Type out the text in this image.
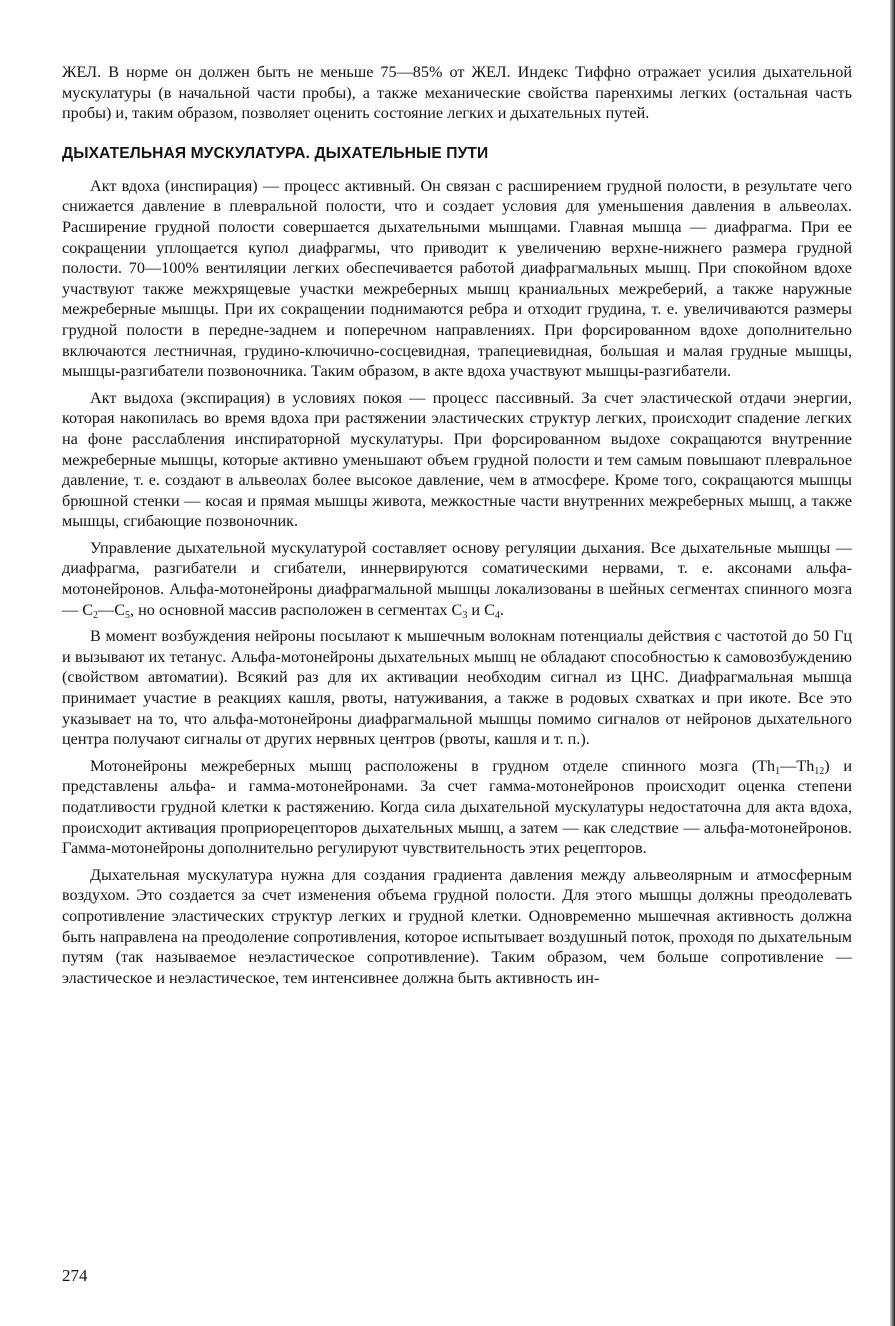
ЖЕЛ. В норме он должен быть не меньше 75—85% от ЖЕЛ. Индекс Тиффно отражает усилия дыхательной мускулатуры (в начальной части пробы), а также механические свойства паренхимы легких (остальная часть пробы) и, таким образом, позволяет оценить состояние легких и дыхательных путей.

ДЫХАТЕЛЬНАЯ МУСКУЛАТУРА. ДЫХАТЕЛЬНЫЕ ПУТИ

Акт вдоха (инспирация) — процесс активный. Он связан с расширением грудной полости, в результате чего снижается давление в плевральной полости, что и создает условия для уменьшения давления в альвеолах. Расширение грудной полости совершается дыхательными мышцами. Главная мышца — диафрагма. При ее сокращении уплощается купол диафрагмы, что приводит к увеличению верхне-нижнего размера грудной полости. 70—100% вентиляции легких обеспечивается работой диафрагмальных мышц. При спокойном вдохе участвуют также межхрящевые участки межреберных мышц краниальных межреберий, а также наружные межреберные мышцы. При их сокращении поднимаются ребра и отходит грудина, т. е. увеличиваются размеры грудной полости в передне-заднем и поперечном направлениях. При форсированном вдохе дополнительно включаются лестничная, грудино-ключично-сосцевидная, трапециевидная, большая и малая грудные мышцы, мышцы-разгибатели позвоночника. Таким образом, в акте вдоха участвуют мышцы-разгибатели.

Акт выдоха (экспирация) в условиях покоя — процесс пассивный. За счет эластической отдачи энергии, которая накопилась во время вдоха при растяжении эластических структур легких, происходит спадение легких на фоне расслабления инспираторной мускулатуры. При форсированном выдохе сокращаются внутренние межреберные мышцы, которые активно уменьшают объем грудной полости и тем самым повышают плевральное давление, т. е. создают в альвеолах более высокое давление, чем в атмосфере. Кроме того, сокращаются мышцы брюшной стенки — косая и прямая мышцы живота, межкостные части внутренних межреберных мышц, а также мышцы, сгибающие позвоночник.

Управление дыхательной мускулатурой составляет основу регуляции дыхания. Все дыхательные мышцы — диафрагма, разгибатели и сгибатели, иннервируются соматическими нервами, т. е. аксонами альфа-мотонейронов. Альфа-мотонейроны диафрагмальной мышцы локализованы в шейных сегментах спинного мозга — $C_2—C_5$, но основной массив расположен в сегментах $C_3$ и $C_4$.

В момент возбуждения нейроны посылают к мышечным волокнам потенциалы действия с частотой до 50 Гц и вызывают их тетанус. Альфа-мотонейроны дыхательных мышц не обладают способностью к самовозбуждению (свойством автоматии). Всякий раз для их активации необходим сигнал из ЦНС. Диафрагмальная мышца принимает участие в реакциях кашля, рвоты, натуживания, а также в родовых схватках и при икоте. Все это указывает на то, что альфа-мотонейроны диафрагмальной мышцы помимо сигналов от нейронов дыхательного центра получают сигналы от других нервных центров (рвоты, кашля и т. п.).

Мотонейроны межреберных мышц расположены в грудном отделе спинного мозга $(Th_1—Th_{12})$ и представлены альфа- и гамма-мотонейронами. За счет гамма-мотонейронов происходит оценка степени податливости грудной клетки к растяжению. Когда сила дыхательной мускулатуры недостаточна для акта вдоха, происходит активация проприорецепторов дыхательных мышц, а затем — как следствие — альфа-мотонейронов. Гамма-мотонейроны дополнительно регулируют чувствительность этих рецепторов.

Дыхательная мускулатура нужна для создания градиента давления между альвеолярным и атмосферным воздухом. Это создается за счет изменения объема грудной полости. Для этого мышцы должны преодолевать сопротивление эластических структур легких и грудной клетки. Одновременно мышечная активность должна быть направлена на преодоление сопротивления, которое испытывает воздушный поток, проходя по дыхательным путям (так называемое неэластическое сопротивление). Таким образом, чем больше сопротивление — эластическое и неэластическое, тем интенсивнее должна быть активность ин-

274
